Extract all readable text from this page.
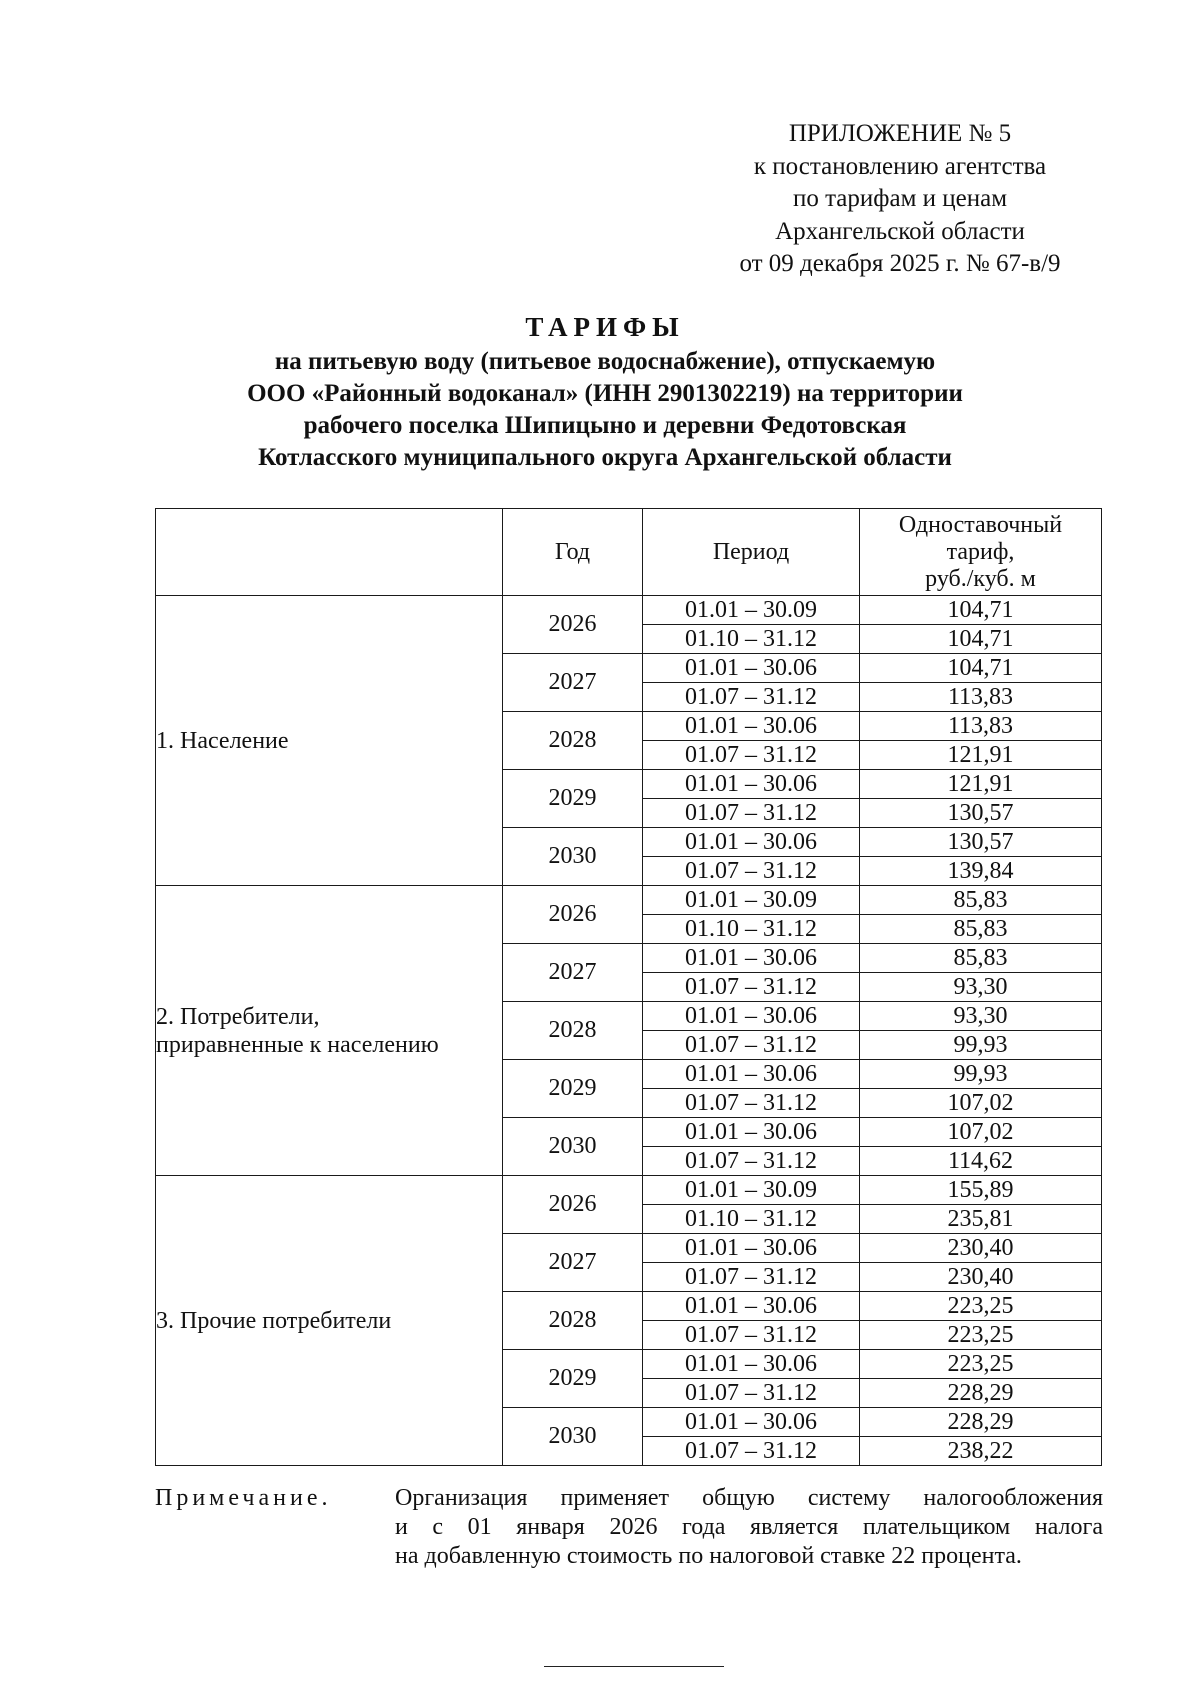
ПРИЛОЖЕНИЕ № 5
к постановлению агентства
по тарифам и ценам
Архангельской области
от 09 декабря 2025 г. № 67-в/9
ТАРИФЫ
на питьевую воду (питьевое водоснабжение), отпускаемую
ООО «Районный водоканал» (ИНН 2901302219) на территории
рабочего поселка Шипицыно и деревни Федотовская
Котласского муниципального округа Архангельской области
	Год	Период	Одноставочный
тариф,
руб./куб. м

1. Население	2026	01.01 – 30.09	104,71
		01.10 – 31.12	104,71
	2027	01.01 – 30.06	104,71
		01.07 – 31.12	113,83
	2028	01.01 – 30.06	113,83
		01.07 – 31.12	121,91
	2029	01.01 – 30.06	121,91
		01.07 – 31.12	130,57
	2030	01.01 – 30.06	130,57
		01.07 – 31.12	139,84

2. Потребители,
приравненные к населению	2026	01.01 – 30.09	85,83
		01.10 – 31.12	85,83
	2027	01.01 – 30.06	85,83
		01.07 – 31.12	93,30
	2028	01.01 – 30.06	93,30
		01.07 – 31.12	99,93
	2029	01.01 – 30.06	99,93
		01.07 – 31.12	107,02
	2030	01.01 – 30.06	107,02
		01.07 – 31.12	114,62

3. Прочие потребители	2026	01.01 – 30.09	155,89
		01.10 – 31.12	235,81
	2027	01.01 – 30.06	230,40
		01.07 – 31.12	230,40
	2028	01.01 – 30.06	223,25
		01.07 – 31.12	223,25
	2029	01.01 – 30.06	223,25
		01.07 – 31.12	228,29
	2030	01.01 – 30.06	228,29
		01.07 – 31.12	238,22
Примечание.	Организация применяет общую систему налогообложения
и с 01 января 2026 года является плательщиком налога
на добавленную стоимость по налоговой ставке 22 процента.
